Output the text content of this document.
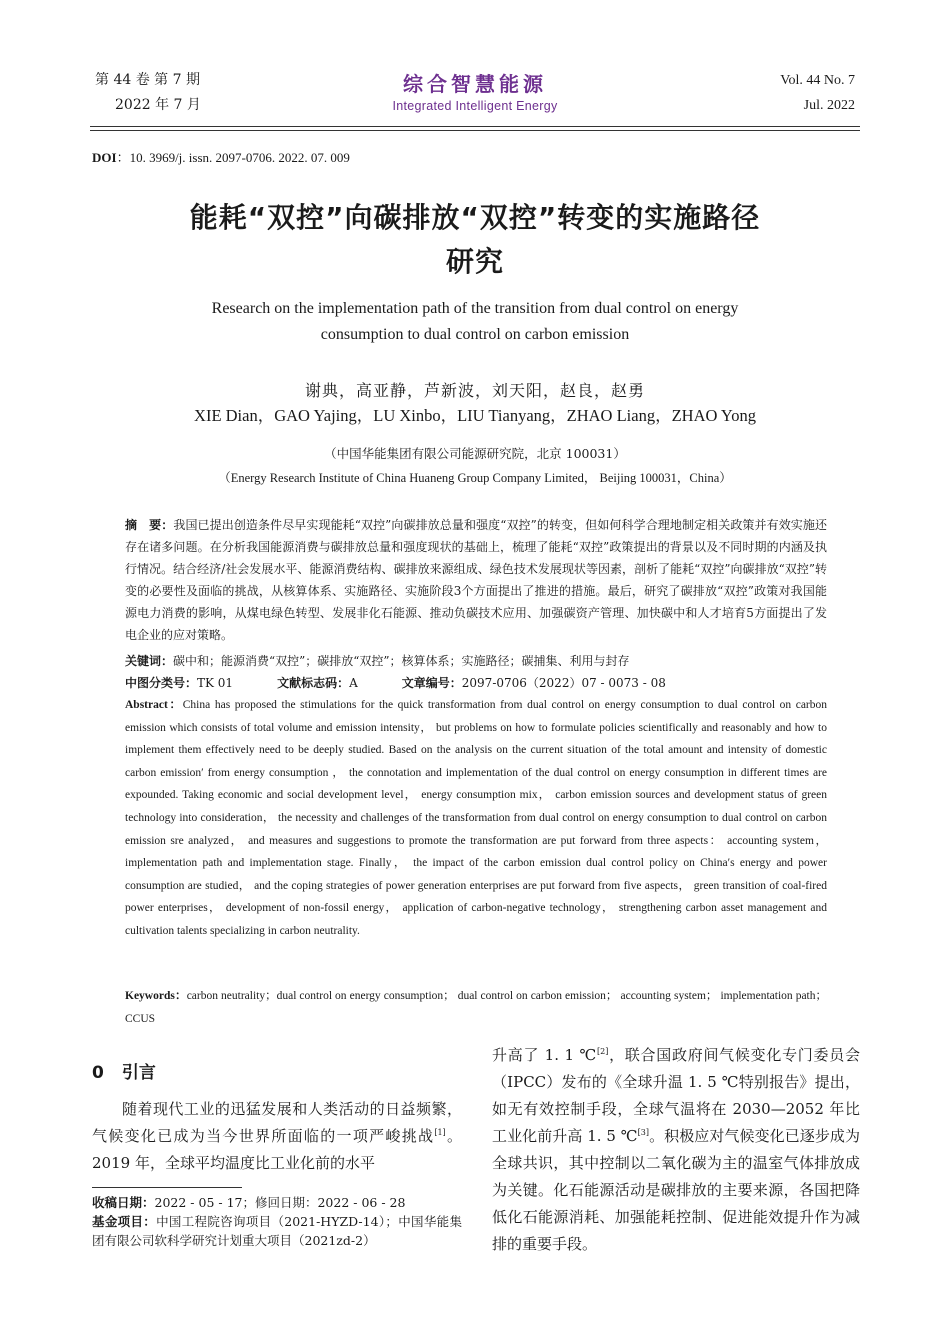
第 44 卷 第 7 期
2022 年 7 月
综合智慧能源
Integrated Intelligent Energy
Vol. 44 No. 7
Jul. 2022
DOI：10. 3969/j. issn. 2097-0706. 2022. 07. 009
能耗“双控”向碳排放“双控”转变的实施路径
研究
Research on the implementation path of the transition from dual control on energy
consumption to dual control on carbon emission
谢典，高亚静，芦新波，刘天阳，赵良，赵勇
XIE Dian，GAO Yajing，LU Xinbo，LIU Tianyang，ZHAO Liang，ZHAO Yong
（中国华能集团有限公司能源研究院，北京 100031）
（Energy Research Institute of China Huaneng Group Company Limited， Beijing 100031，China）
摘　要：我国已提出创造条件尽早实现能耗“双控”向碳排放总量和强度“双控”的转变，但如何科学合理地制定相关政策并有效实施还存在诸多问题。在分析我国能源消费与碳排放总量和强度现状的基础上，梳理了能耗“双控”政策提出的背景以及不同时期的内涵及执行情况。结合经济/社会发展水平、能源消费结构、碳排放来源组成、绿色技术发展现状等因素，剖析了能耗“双控”向碳排放“双控”转变的必要性及面临的挑战，从核算体系、实施路径、实施阶段3个方面提出了推进的措施。最后，研究了碳排放“双控”政策对我国能源电力消费的影响，从煤电绿色转型、发展非化石能源、推动负碳技术应用、加强碳资产管理、加快碳中和人才培育5方面提出了发电企业的应对策略。
关键词：碳中和；能源消费“双控”；碳排放“双控”；核算体系；实施路径；碳捕集、利用与封存
中图分类号：TK 01	文献标志码：A	文章编号：2097-0706（2022）07 - 0073 - 08
Abstract：China has proposed the stimulations for the quick transformation from dual control on energy consumption to dual control on carbon emission which consists of total volume and emission intensity， but problems on how to formulate policies scientifically and reasonably and how to implement them effectively need to be deeply studied. Based on the analysis on the current situation of the total amount and intensity of domestic carbon emission′ from energy consumption ， the connotation and implementation of the dual control on energy consumption in different times are expounded. Taking economic and social development level， energy consumption mix， carbon emission sources and development status of green technology into consideration， the necessity and challenges of the transformation from dual control on energy consumption to dual control on carbon emission sre analyzed， and measures and suggestions to promote the transformation are put forward from three aspects： accounting system， implementation path and implementation stage. Finally， the impact of the carbon emission dual control policy on China′s energy and power consumption are studied， and the coping strategies of power generation enterprises are put forward from five aspects， green transition of coal-fired power enterprises， development of non-fossil energy， application of carbon-negative technology， strengthening carbon asset management and cultivation talents specializing in carbon neutrality.
Keywords：carbon neutrality；dual control on energy consumption； dual control on carbon emission； accounting system； implementation path；CCUS
0 引言
随着现代工业的迅猛发展和人类活动的日益频繁，气候变化已成为当今世界所面临的一项严峻挑战[1]。2019 年，全球平均温度比工业化前的水平
升高了 1. 1 ℃[2]，联合国政府间气候变化专门委员会（IPCC）发布的《全球升温 1. 5 ℃特别报告》提出，如无有效控制手段，全球气温将在 2030—2052 年比工业化前升高 1. 5 ℃[3]。积极应对气候变化已逐步成为全球共识，其中控制以二氧化碳为主的温室气体排放成为关键。化石能源活动是碳排放的主要来源，各国把降低化石能源消耗、加强能耗控制、促进能效提升作为减排的重要手段。
收稿日期：2022 - 05 - 17；修回日期：2022 - 06 - 28
基金项目：中国工程院咨询项目（2021-HYZD-14）；中国华能集团有限公司软科学研究计划重大项目（2021zd-2）
